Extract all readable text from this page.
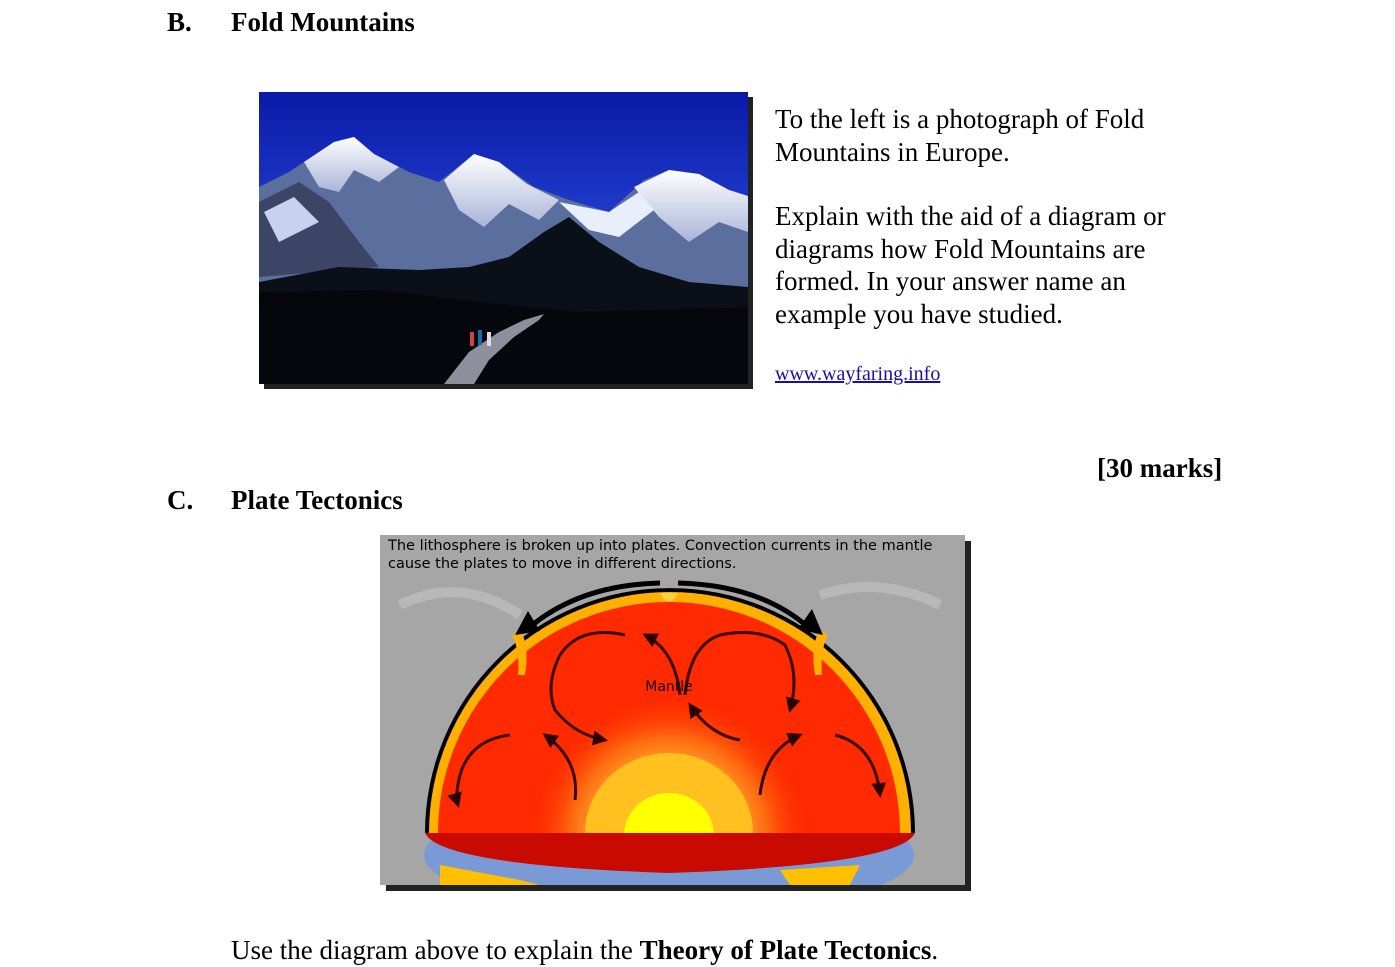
B. Fold Mountains

To the left is a photograph of Fold Mountains in Europe.

Explain with the aid of a diagram or diagrams how Fold Mountains are formed. In your answer name an example you have studied.

www.wayfaring.info
[30 marks]
C. Plate Tectonics
Mantle
The lithosphere is broken up into plates. Convection currents in the mantle cause the plates to move in different directions.
Use the diagram above to explain the Theory of Plate Tectonics.
